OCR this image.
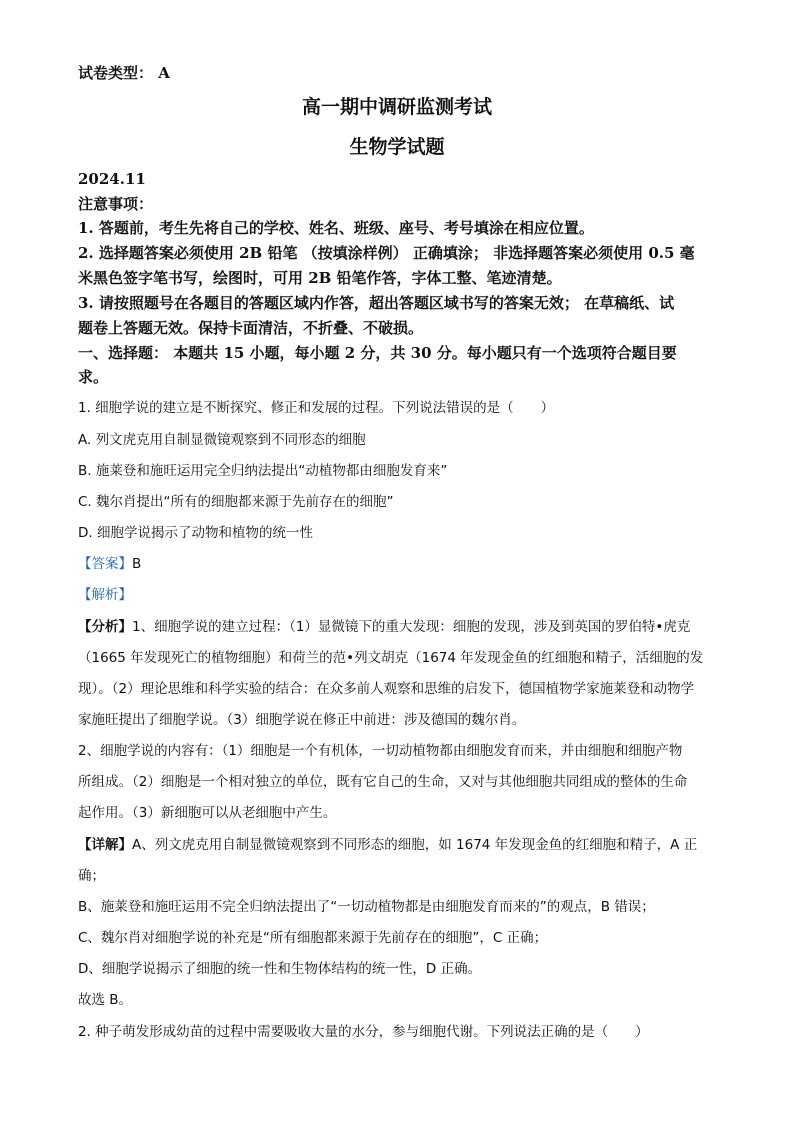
试卷类型： A
高一期中调研监测考试
生物学试题
2024.11
注意事项：
1. 答题前，考生先将自己的学校、姓名、班级、座号、考号填涂在相应位置。
2. 选择题答案必须使用 2B 铅笔 （按填涂样例） 正确填涂； 非选择题答案必须使用 0.5 毫
米黑色签字笔书写，绘图时，可用 2B 铅笔作答，字体工整、笔迹清楚。
3. 请按照题号在各题目的答题区域内作答，超出答题区域书写的答案无效； 在草稿纸、试
题卷上答题无效。保持卡面清洁，不折叠、不破损。
一、选择题： 本题共 15 小题，每小题 2 分，共 30 分。每小题只有一个选项符合题目要
求。
1. 细胞学说的建立是不断探究、修正和发展的过程。下列说法错误的是（　　）
A. 列文虎克用自制显微镜观察到不同形态的细胞
B. 施莱登和施旺运用完全归纳法提出“动植物都由细胞发育来”
C. 魏尔肖提出“所有的细胞都来源于先前存在的细胞”
D. 细胞学说揭示了动物和植物的统一性
【答案】B
【解析】
【分析】1、细胞学说的建立过程：（1）显微镜下的重大发现：细胞的发现，涉及到英国的罗伯特•虎克
（1665 年发现死亡的植物细胞）和荷兰的范•列文胡克（1674 年发现金鱼的红细胞和精子，活细胞的发
现）。（2）理论思维和科学实验的结合：在众多前人观察和思维的启发下，德国植物学家施莱登和动物学
家施旺提出了细胞学说。（3）细胞学说在修正中前进：涉及德国的魏尔肖。
2、细胞学说的内容有：（1）细胞是一个有机体，一切动植物都由细胞发育而来，并由细胞和细胞产物
所组成。（2）细胞是一个相对独立的单位，既有它自己的生命，又对与其他细胞共同组成的整体的生命
起作用。（3）新细胞可以从老细胞中产生。
【详解】A、列文虎克用自制显微镜观察到不同形态的细胞，如 1674 年发现金鱼的红细胞和精子，A 正
确；
B、施莱登和施旺运用不完全归纳法提出了“一切动植物都是由细胞发育而来的”的观点，B 错误；
C、魏尔肖对细胞学说的补充是“所有细胞都来源于先前存在的细胞”，C 正确；
D、细胞学说揭示了细胞的统一性和生物体结构的统一性，D 正确。
故选 B。
2. 种子萌发形成幼苗的过程中需要吸收大量的水分，参与细胞代谢。下列说法正确的是（　　）
